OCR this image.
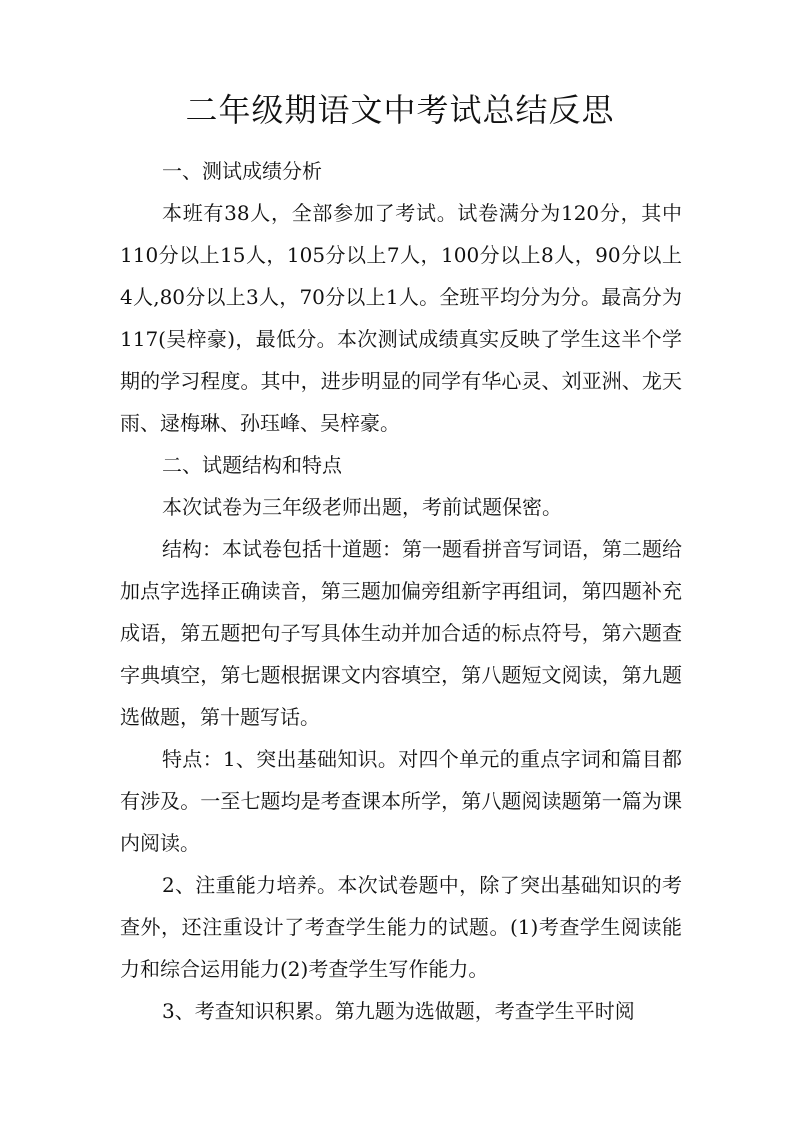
二年级期语文中考试总结反思

一、测试成绩分析

本班有38人，全部参加了考试。试卷满分为120分，其中110分以上15人，105分以上7人，100分以上8人，90分以上4人,80分以上3人，70分以上1人。全班平均分为分。最高分为117(吴梓豪)，最低分。本次测试成绩真实反映了学生这半个学期的学习程度。其中，进步明显的同学有华心灵、刘亚洲、龙天雨、逯梅琳、孙珏峰、吴梓豪。

二、试题结构和特点

本次试卷为三年级老师出题，考前试题保密。

结构：本试卷包括十道题：第一题看拼音写词语，第二题给加点字选择正确读音，第三题加偏旁组新字再组词，第四题补充成语，第五题把句子写具体生动并加合适的标点符号，第六题查字典填空，第七题根据课文内容填空，第八题短文阅读，第九题选做题，第十题写话。

特点：1、突出基础知识。对四个单元的重点字词和篇目都有涉及。一至七题均是考查课本所学，第八题阅读题第一篇为课内阅读。

2、注重能力培养。本次试卷题中，除了突出基础知识的考查外，还注重设计了考查学生能力的试题。(1)考查学生阅读能力和综合运用能力(2)考查学生写作能力。

3、考查知识积累。第九题为选做题，考查学生平时阅
